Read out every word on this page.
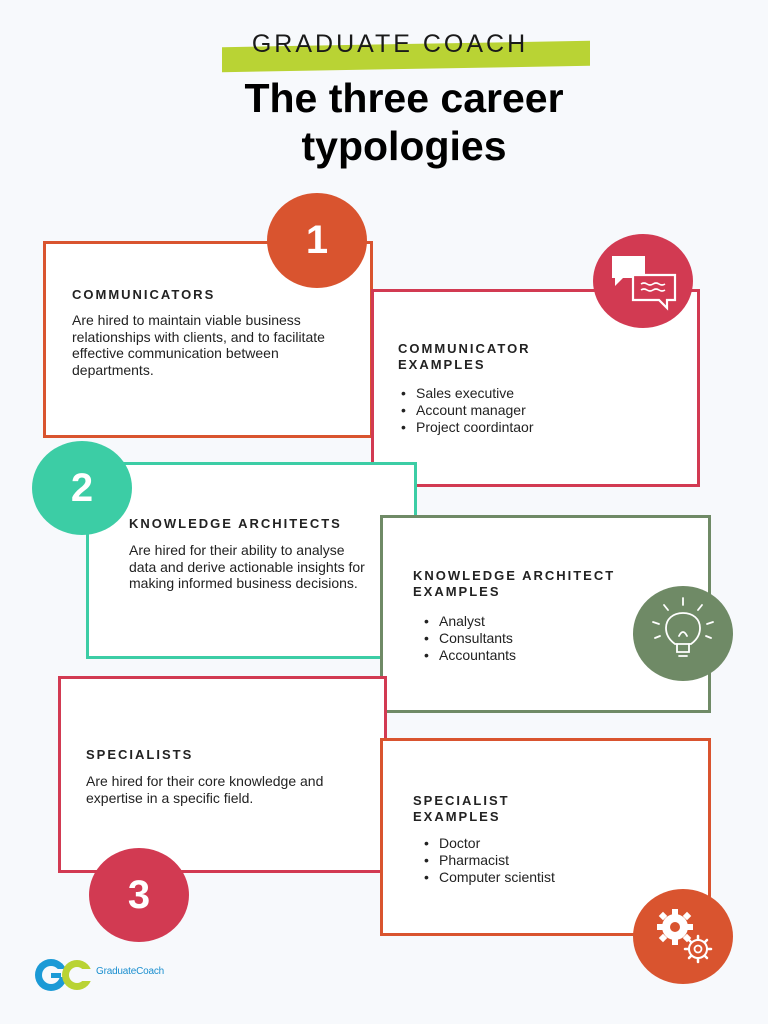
GRADUATE COACH
The three career
typologies
COMMUNICATORS
Are hired to maintain viable business relationships with clients, and to facilitate effective communication between departments.
COMMUNICATOR
EXAMPLES
• Sales executive
• Account manager
• Project coordintaor
1
KNOWLEDGE ARCHITECTS
Are hired for their ability to analyse data and derive actionable insights for making informed business decisions.	KNOWLEDGE ARCHITECT
EXAMPLES
• Analyst
• Consultants
• Accountants
2
SPECIALISTS
Are hired for their core knowledge and expertise in a specific field.	SPECIALIST
EXAMPLES
• Doctor
• Pharmacist
• Computer scientist
3
GraduateCoach
